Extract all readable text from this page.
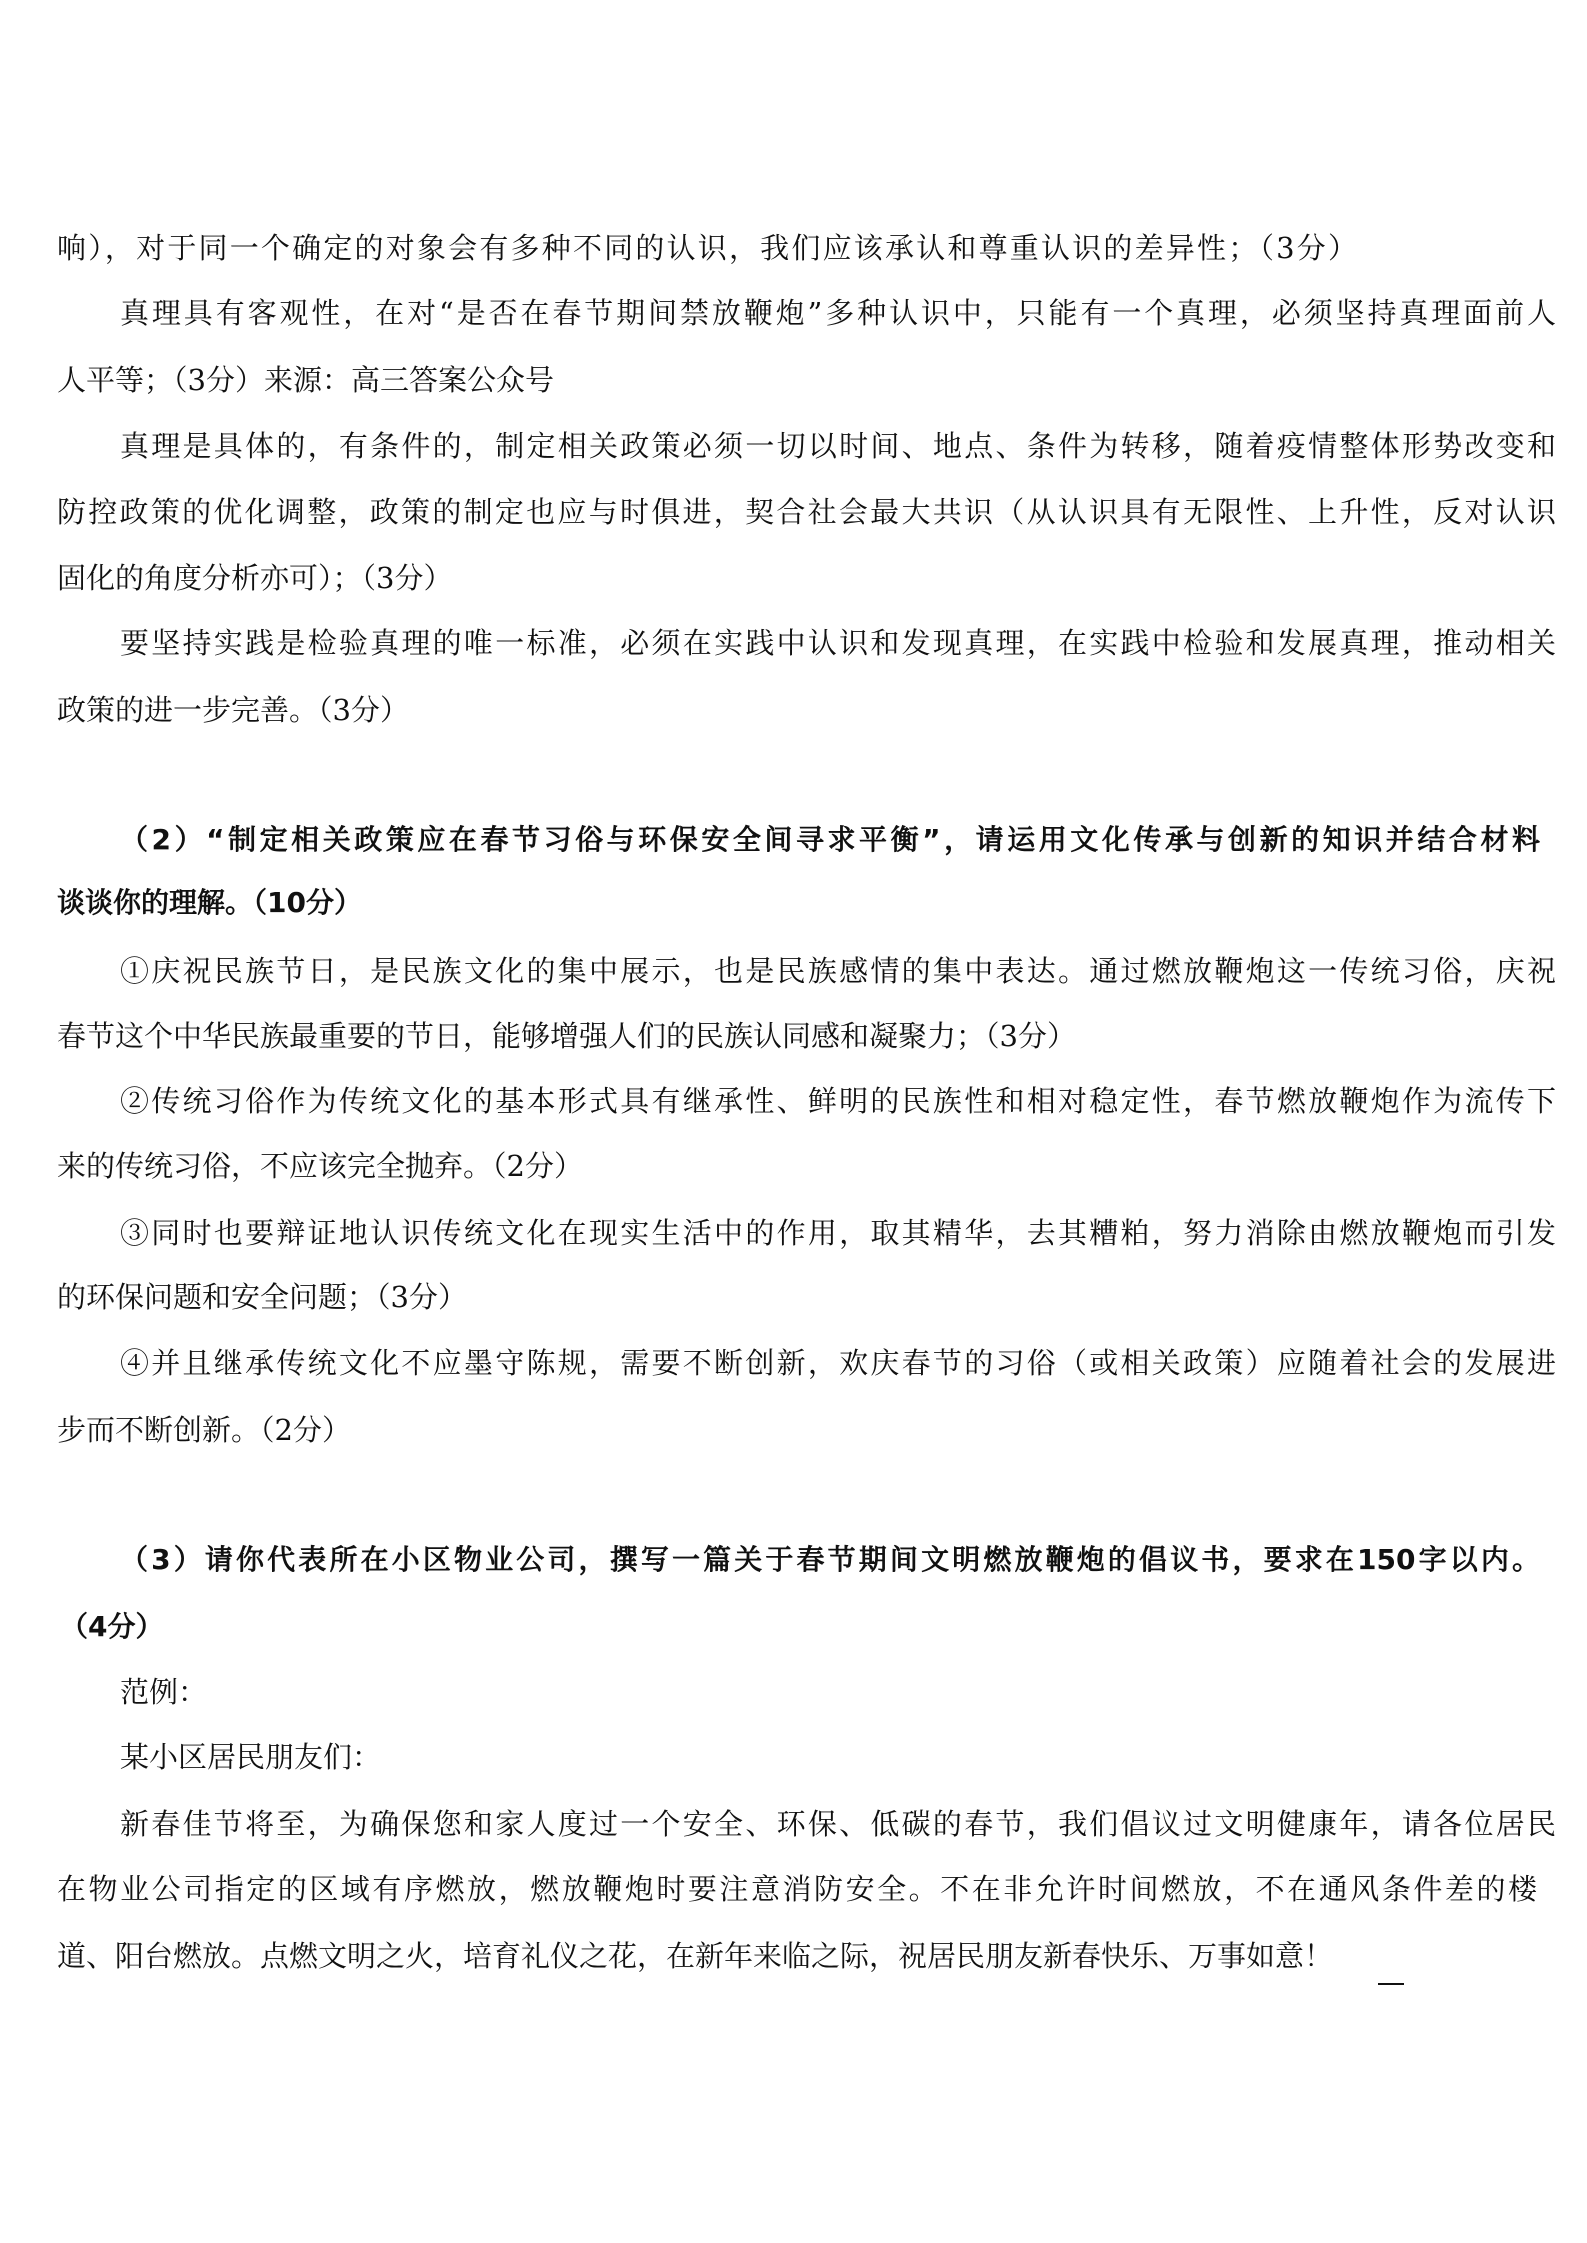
响），对于同一个确定的对象会有多种不同的认识，我们应该承认和尊重认识的差异性；（3分）
真理具有客观性，在对“是否在春节期间禁放鞭炮”多种认识中，只能有一个真理，必须坚持真理面前人
人平等；（3分）来源：高三答案公众号
真理是具体的，有条件的，制定相关政策必须一切以时间、地点、条件为转移，随着疫情整体形势改变和
防控政策的优化调整，政策的制定也应与时俱进，契合社会最大共识（从认识具有无限性、上升性，反对认识
固化的角度分析亦可）；（3分）
要坚持实践是检验真理的唯一标准，必须在实践中认识和发现真理，在实践中检验和发展真理，推动相关
政策的进一步完善。（3分）
（2）“制定相关政策应在春节习俗与环保安全间寻求平衡”，请运用文化传承与创新的知识并结合材料
谈谈你的理解。（10分）
①庆祝民族节日，是民族文化的集中展示，也是民族感情的集中表达。通过燃放鞭炮这一传统习俗，庆祝
春节这个中华民族最重要的节日，能够增强人们的民族认同感和凝聚力；（3分）
②传统习俗作为传统文化的基本形式具有继承性、鲜明的民族性和相对稳定性，春节燃放鞭炮作为流传下
来的传统习俗，不应该完全抛弃。（2分）
③同时也要辩证地认识传统文化在现实生活中的作用，取其精华，去其糟粕，努力消除由燃放鞭炮而引发
的环保问题和安全问题；（3分）
④并且继承传统文化不应墨守陈规，需要不断创新，欢庆春节的习俗（或相关政策）应随着社会的发展进
步而不断创新。（2分）
（3）请你代表所在小区物业公司，撰写一篇关于春节期间文明燃放鞭炮的倡议书，要求在150字以内。
（4分）
范例：
某小区居民朋友们：
新春佳节将至，为确保您和家人度过一个安全、环保、低碳的春节，我们倡议过文明健康年，请各位居民
在物业公司指定的区域有序燃放，燃放鞭炮时要注意消防安全。不在非允许时间燃放，不在通风条件差的楼
道、阳台燃放。点燃文明之火，培育礼仪之花，在新年来临之际，祝居民朋友新春快乐、万事如意！
